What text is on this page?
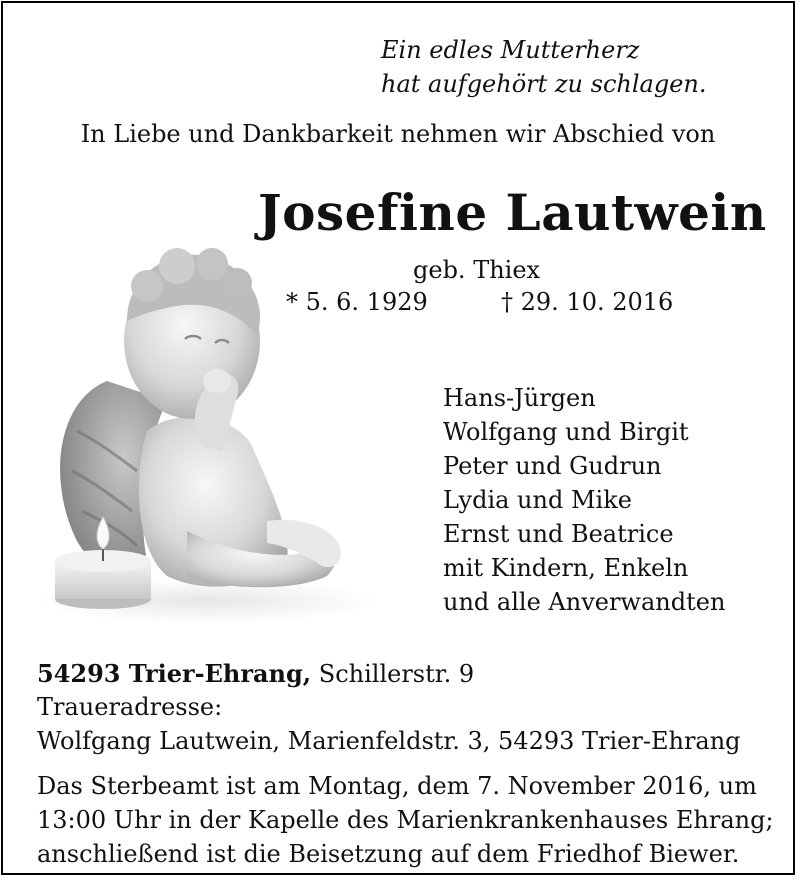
Ein edles Mutterherz
hat aufgehört zu schlagen.
In Liebe und Dankbarkeit nehmen wir Abschied von
Josefine Lautwein
geb. Thiex
* 5. 6. 1929	† 29. 10. 2016
Hans-Jürgen
Wolfgang und Birgit
Peter und Gudrun
Lydia und Mike
Ernst und Beatrice
mit Kindern, Enkeln
und alle Anverwandten
54293 Trier-Ehrang, Schillerstr. 9
Traueradresse:
Wolfgang Lautwein, Marienfeldstr. 3, 54293 Trier-Ehrang
Das Sterbeamt ist am Montag, dem 7. November 2016, um
13:00 Uhr in der Kapelle des Marienkrankenhauses Ehrang;
anschließend ist die Beisetzung auf dem Friedhof Biewer.
